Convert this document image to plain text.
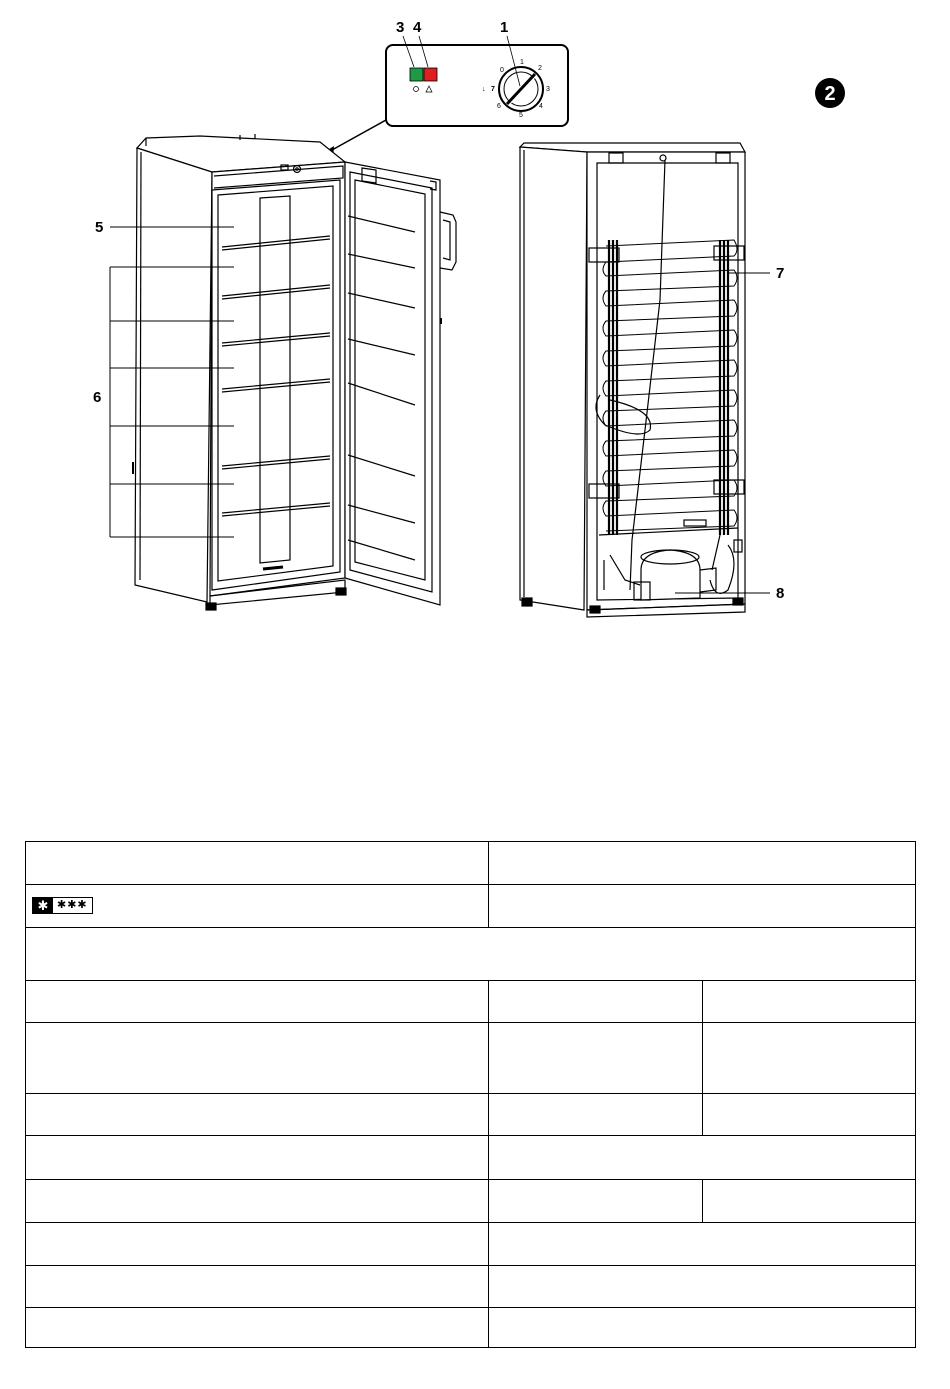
0
1
2
3
4
5
6
7
↓
3 4	1
5
6
7
8
2

✱ ✱✱✱		
